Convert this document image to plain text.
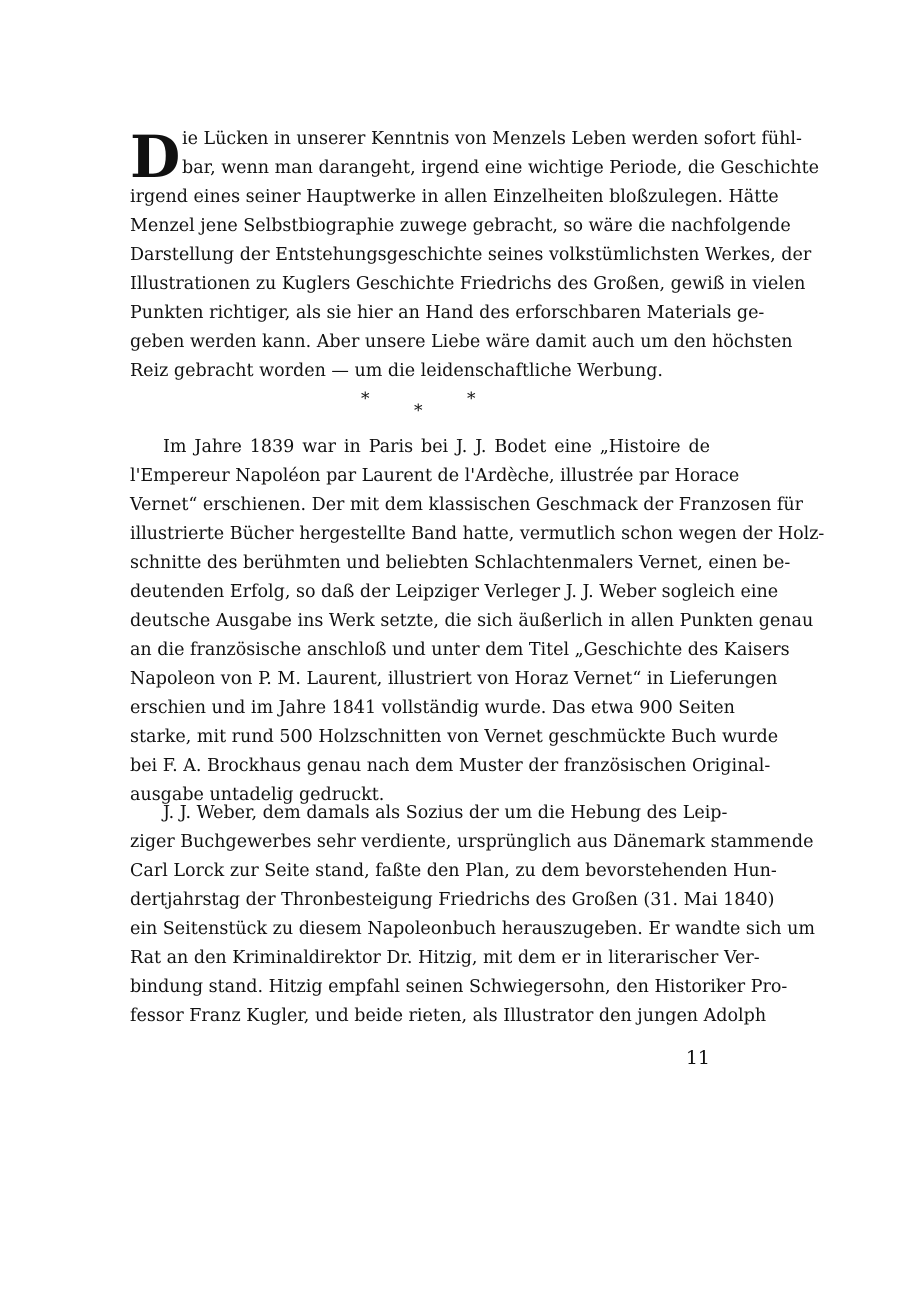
D ie Lücken in unserer Kenntnis von Menzels Leben werden sofort fühl-
bar, wenn man darangeht, irgend eine wichtige Periode, die Geschichte
irgend eines seiner Hauptwerke in allen Einzelheiten bloßzulegen. Hätte
Menzel jene Selbstbiographie zuwege gebracht, so wäre die nachfolgende
Darstellung der Entstehungsgeschichte seines volkstümlichsten Werkes, der
Illustrationen zu Kuglers Geschichte Friedrichs des Großen, gewiß in vielen
Punkten richtiger, als sie hier an Hand des erforschbaren Materials ge-
geben werden kann. Aber unsere Liebe wäre damit auch um den höchsten
Reiz gebracht worden — um die leidenschaftliche Werbung.
*
*
*
Im Jahre 1839 war in Paris bei J. J. Bodet eine „Histoire de
l'Empereur Napoléon par Laurent de l'Ardèche, illustrée par Horace
Vernet“ erschienen. Der mit dem klassischen Geschmack der Franzosen für
illustrierte Bücher hergestellte Band hatte, vermutlich schon wegen der Holz-
schnitte des berühmten und beliebten Schlachtenmalers Vernet, einen be-
deutenden Erfolg, so daß der Leipziger Verleger J. J. Weber sogleich eine
deutsche Ausgabe ins Werk setzte, die sich äußerlich in allen Punkten genau
an die französische anschloß und unter dem Titel „Geschichte des Kaisers
Napoleon von P. M. Laurent, illustriert von Horaz Vernet“ in Lieferungen
erschien und im Jahre 1841 vollständig wurde. Das etwa 900 Seiten
starke, mit rund 500 Holzschnitten von Vernet geschmückte Buch wurde
bei F. A. Brockhaus genau nach dem Muster der französischen Original-
ausgabe untadelig gedruckt.
J. J. Weber, dem damals als Sozius der um die Hebung des Leip-
ziger Buchgewerbes sehr verdiente, ursprünglich aus Dänemark stammende
Carl Lorck zur Seite stand, faßte den Plan, zu dem bevorstehenden Hun-
dertjahrstag der Thronbesteigung Friedrichs des Großen (31. Mai 1840)
ein Seitenstück zu diesem Napoleonbuch herauszugeben. Er wandte sich um
Rat an den Kriminaldirektor Dr. Hitzig, mit dem er in literarischer Ver-
bindung stand. Hitzig empfahl seinen Schwiegersohn, den Historiker Pro-
fessor Franz Kugler, und beide rieten, als Illustrator den jungen Adolph
11
